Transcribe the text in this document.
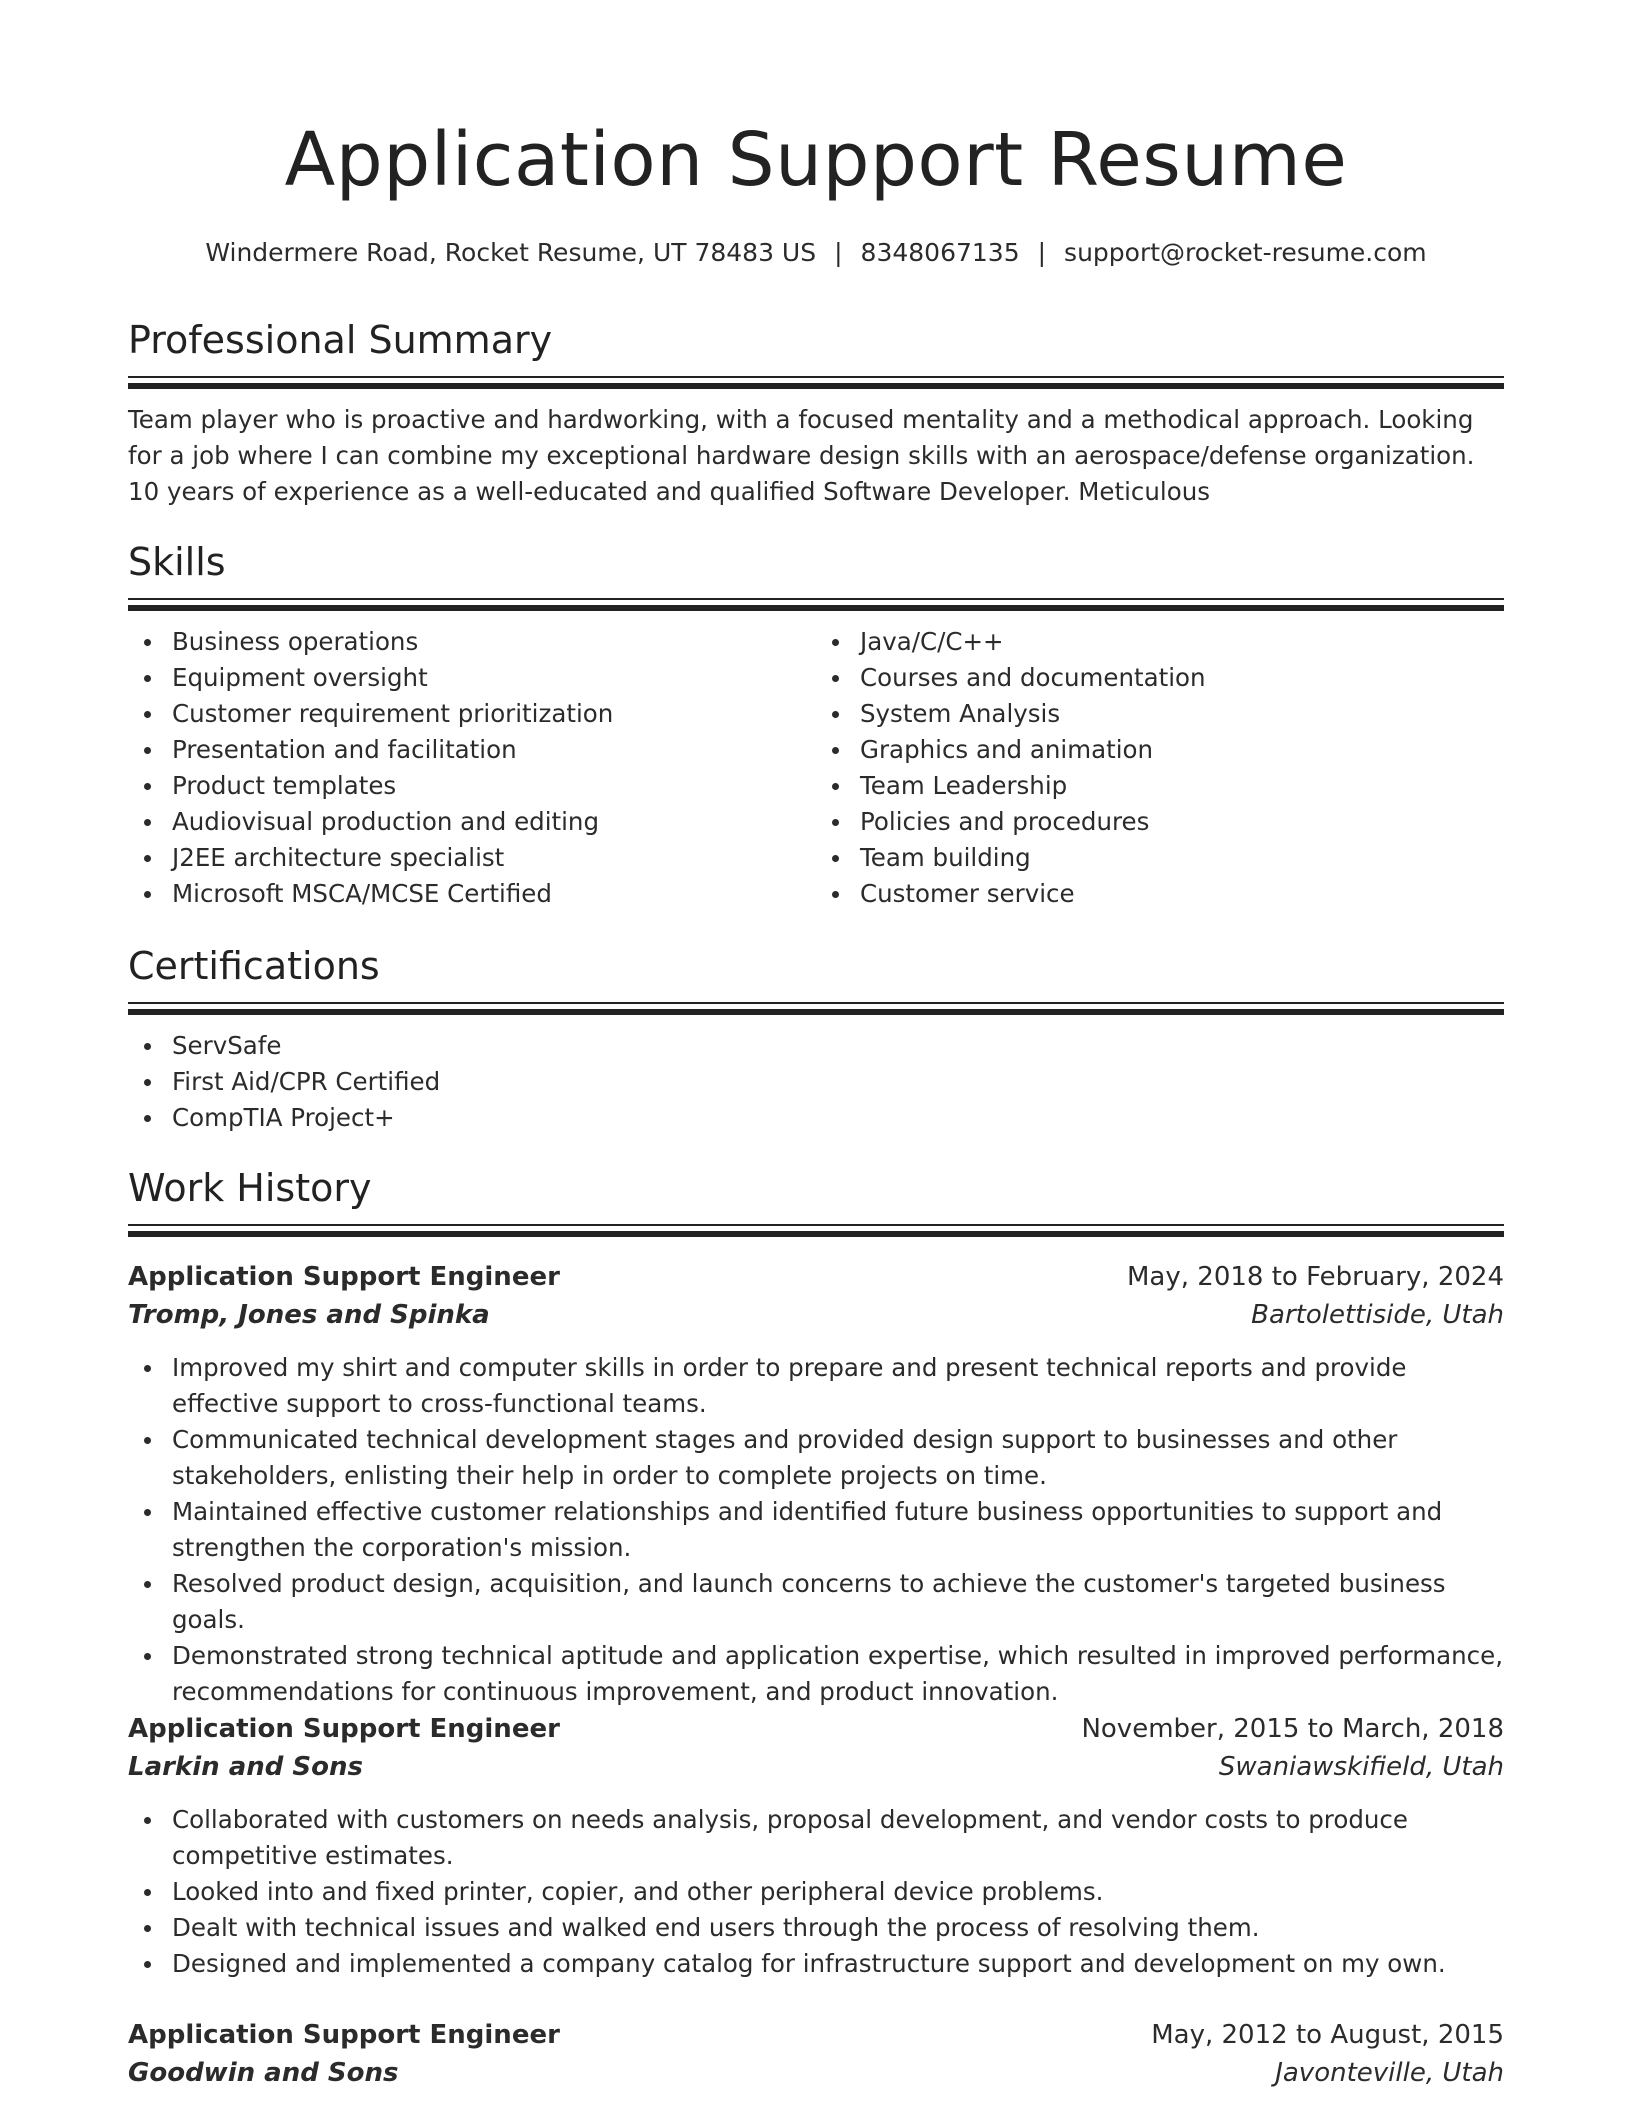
Application Support Resume
Windermere Road, Rocket Resume, UT 78483 US | 8348067135 | support@rocket-resume.com
Professional Summary

Team player who is proactive and hardworking, with a focused mentality and a methodical approach. Looking for a job where I can combine my exceptional hardware design skills with an aerospace/defense organization. 10 years of experience as a well-educated and qualified Software Developer. Meticulous

Skills
Business operations
Equipment oversight
Customer requirement prioritization
Presentation and facilitation
Product templates
Audiovisual production and editing
J2EE architecture specialist
Microsoft MSCA/MCSE Certified
Java/C/C++
Courses and documentation
System Analysis
Graphics and animation
Team Leadership
Policies and procedures
Team building
Customer service
Certifications
ServSafe
First Aid/CPR Certified
CompTIA Project+
Work History
Application Support Engineer	May, 2018 to February, 2024
Tromp, Jones and Spinka	Bartolettiside, Utah
Improved my shirt and computer skills in order to prepare and present technical reports and provide effective support to cross-functional teams.
Communicated technical development stages and provided design support to businesses and other stakeholders, enlisting their help in order to complete projects on time.
Maintained effective customer relationships and identified future business opportunities to support and strengthen the corporation's mission.
Resolved product design, acquisition, and launch concerns to achieve the customer's targeted business goals.
Demonstrated strong technical aptitude and application expertise, which resulted in improved performance, recommendations for continuous improvement, and product innovation.
Application Support Engineer	November, 2015 to March, 2018
Larkin and Sons	Swaniawskifield, Utah
Collaborated with customers on needs analysis, proposal development, and vendor costs to produce competitive estimates.
Looked into and fixed printer, copier, and other peripheral device problems.
Dealt with technical issues and walked end users through the process of resolving them.
Designed and implemented a company catalog for infrastructure support and development on my own.
Application Support Engineer	May, 2012 to August, 2015
Goodwin and Sons	Javonteville, Utah
